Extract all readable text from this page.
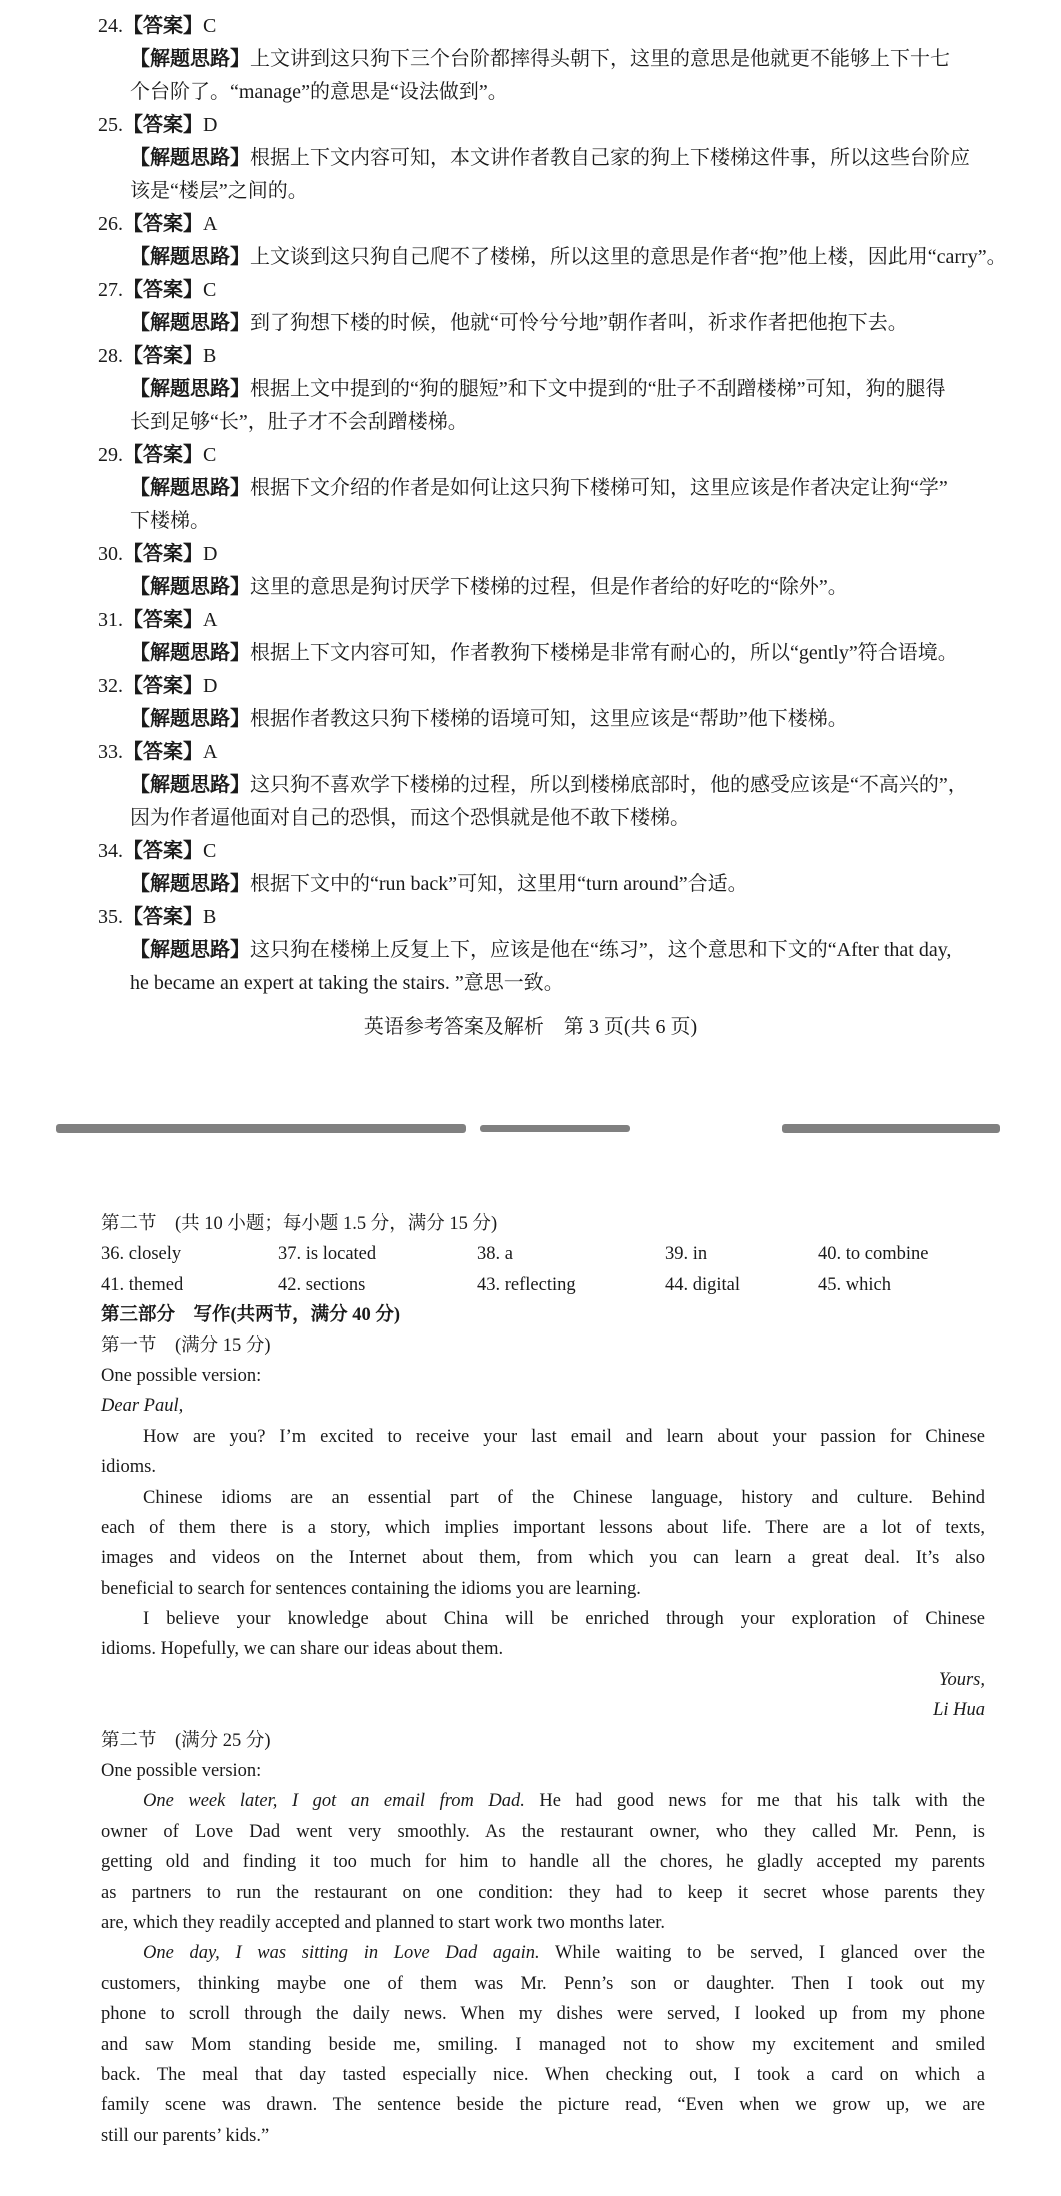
24.【答案】C
【解题思路】上文讲到这只狗下三个台阶都摔得头朝下，这里的意思是他就更不能够上下十七
个台阶了。“manage”的意思是“设法做到”。
25.【答案】D
【解题思路】根据上下文内容可知，本文讲作者教自己家的狗上下楼梯这件事，所以这些台阶应
该是“楼层”之间的。
26.【答案】A
【解题思路】上文谈到这只狗自己爬不了楼梯，所以这里的意思是作者“抱”他上楼，因此用“carry”。
27.【答案】C
【解题思路】到了狗想下楼的时候，他就“可怜兮兮地”朝作者叫，祈求作者把他抱下去。
28.【答案】B
【解题思路】根据上文中提到的“狗的腿短”和下文中提到的“肚子不刮蹭楼梯”可知，狗的腿得
长到足够“长”，肚子才不会刮蹭楼梯。
29.【答案】C
【解题思路】根据下文介绍的作者是如何让这只狗下楼梯可知，这里应该是作者决定让狗“学”
下楼梯。
30.【答案】D
【解题思路】这里的意思是狗讨厌学下楼梯的过程，但是作者给的好吃的“除外”。
31.【答案】A
【解题思路】根据上下文内容可知，作者教狗下楼梯是非常有耐心的，所以“gently”符合语境。
32.【答案】D
【解题思路】根据作者教这只狗下楼梯的语境可知，这里应该是“帮助”他下楼梯。
33.【答案】A
【解题思路】这只狗不喜欢学下楼梯的过程，所以到楼梯底部时，他的感受应该是“不高兴的”，
因为作者逼他面对自己的恐惧，而这个恐惧就是他不敢下楼梯。
34.【答案】C
【解题思路】根据下文中的“run back”可知，这里用“turn around”合适。
35.【答案】B
【解题思路】这只狗在楼梯上反复上下，应该是他在“练习”，这个意思和下文的“After that day,
he became an expert at taking the stairs. ”意思一致。
英语参考答案及解析　第 3 页(共 6 页)
第二节　(共 10 小题；每小题 1.5 分，满分 15 分)
36. closely	37. is located	38. a	39. in	40. to combine
41. themed	42. sections	43. reflecting	44. digital	45. which
第三部分　写作(共两节，满分 40 分)
第一节　(满分 15 分)
One possible version:
Dear Paul,
How are you? I’m excited to receive your last email and learn about your passion for Chinese
idioms.
Chinese idioms are an essential part of the Chinese language, history and culture. Behind
each of them there is a story, which implies important lessons about life. There are a lot of texts,
images and videos on the Internet about them, from which you can learn a great deal. It’s also
beneficial to search for sentences containing the idioms you are learning.
I believe your knowledge about China will be enriched through your exploration of Chinese
idioms. Hopefully, we can share our ideas about them.
Yours,
Li Hua
第二节　(满分 25 分)
One possible version:
One week later, I got an email from Dad. He had good news for me that his talk with the
owner of Love Dad went very smoothly. As the restaurant owner, who they called Mr. Penn, is
getting old and finding it too much for him to handle all the chores, he gladly accepted my parents
as partners to run the restaurant on one condition: they had to keep it secret whose parents they
are, which they readily accepted and planned to start work two months later.
One day, I was sitting in Love Dad again. While waiting to be served, I glanced over the
customers, thinking maybe one of them was Mr. Penn’s son or daughter. Then I took out my
phone to scroll through the daily news. When my dishes were served, I looked up from my phone
and saw Mom standing beside me, smiling. I managed not to show my excitement and smiled
back. The meal that day tasted especially nice. When checking out, I took a card on which a
family scene was drawn. The sentence beside the picture read, “Even when we grow up, we are
still our parents’ kids.”
